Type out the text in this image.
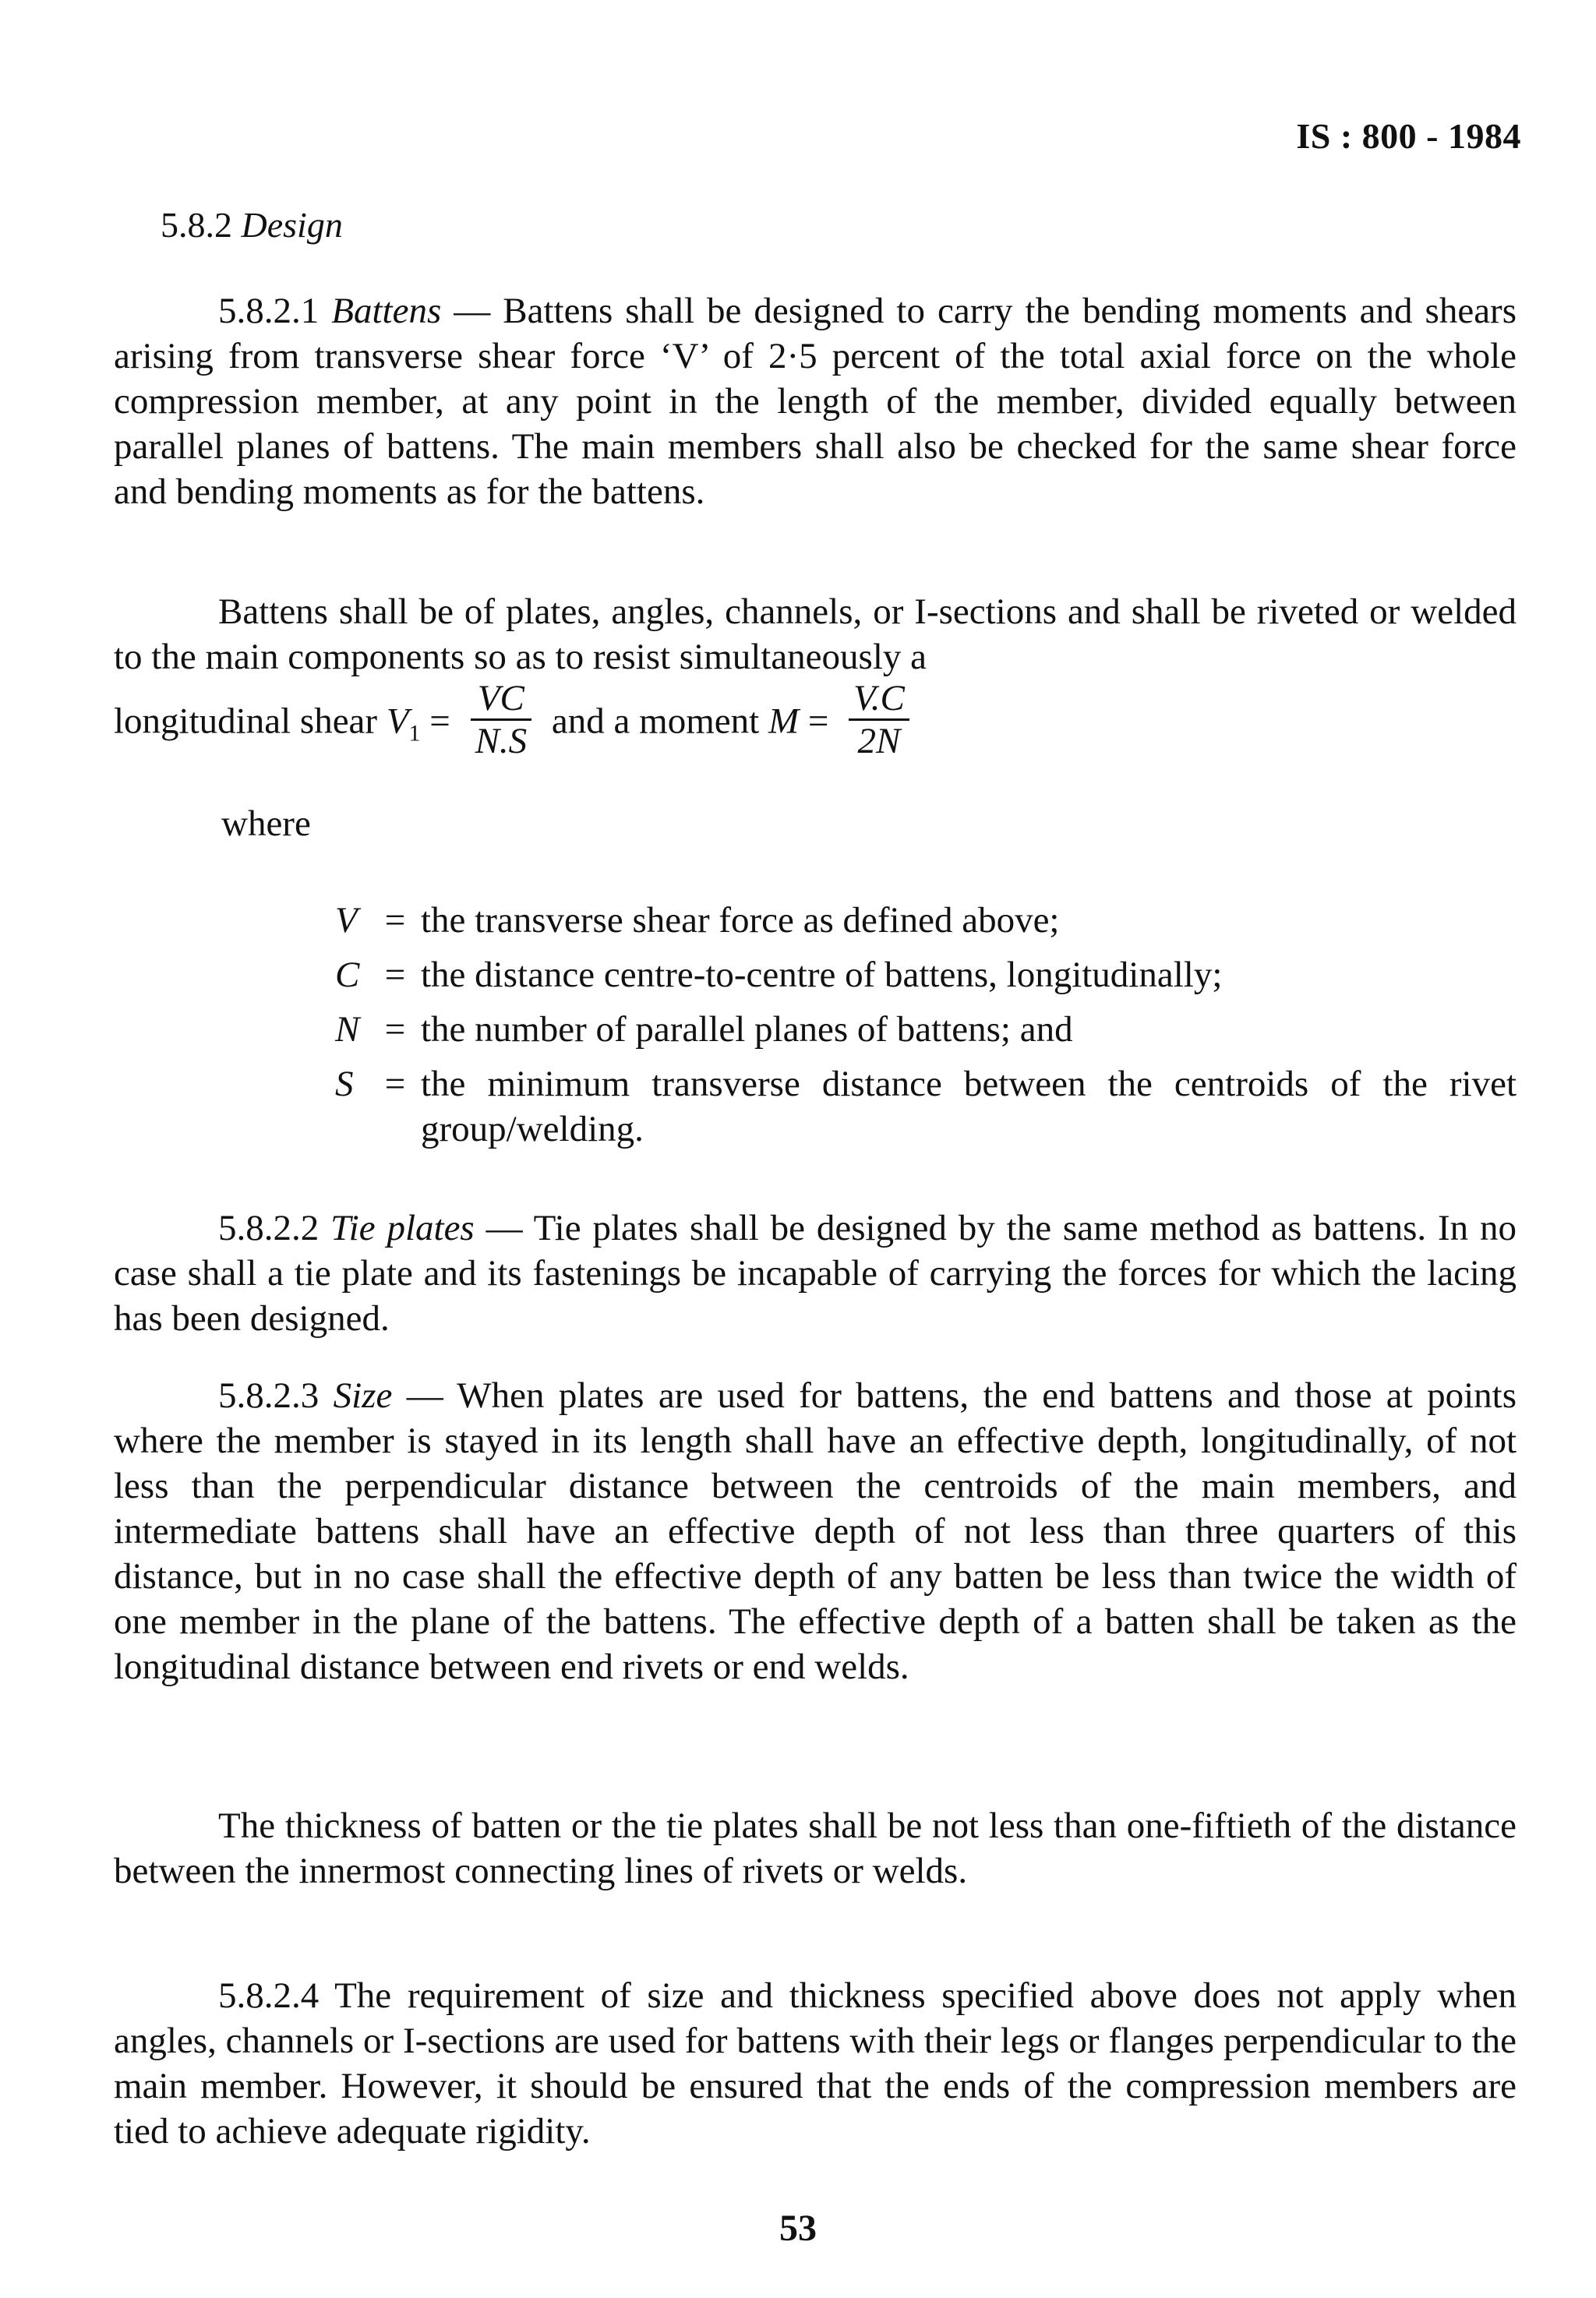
IS : 800 - 1984
5.8.2 Design

5.8.2.1 Battens — Battens shall be designed to carry the bending moments and shears arising from transverse shear force ‘V’ of 2·5 percent of the total axial force on the whole compression member, at any point in the length of the member, divided equally between parallel planes of battens. The main members shall also be checked for the same shear force and bending moments as for the battens.

Battens shall be of plates, angles, channels, or I-sections and shall be riveted or welded to the main components so as to resist simultaneously a

longitudinal shear $V_1 = \frac{VC}{N.S}$ and a moment $M = \frac{V.C}{2N}$
where
V = the transverse shear force as defined above;
C = the distance centre-to-centre of battens, longitudinally;
N = the number of parallel planes of battens; and
S = the minimum transverse distance between the centroids of the rivet group/welding.

5.8.2.2 Tie plates — Tie plates shall be designed by the same method as battens. In no case shall a tie plate and its fastenings be incapable of carrying the forces for which the lacing has been designed.

5.8.2.3 Size — When plates are used for battens, the end battens and those at points where the member is stayed in its length shall have an effective depth, longitudinally, of not less than the perpendicular distance between the centroids of the main members, and intermediate battens shall have an effective depth of not less than three quarters of this distance, but in no case shall the effective depth of any batten be less than twice the width of one member in the plane of the battens. The effective depth of a batten shall be taken as the longitudinal distance between end rivets or end welds.

The thickness of batten or the tie plates shall be not less than one-fiftieth of the distance between the innermost connecting lines of rivets or welds.

5.8.2.4 The requirement of size and thickness specified above does not apply when angles, channels or I-sections are used for battens with their legs or flanges perpendicular to the main member. However, it should be ensured that the ends of the compression members are tied to achieve adequate rigidity.

53
